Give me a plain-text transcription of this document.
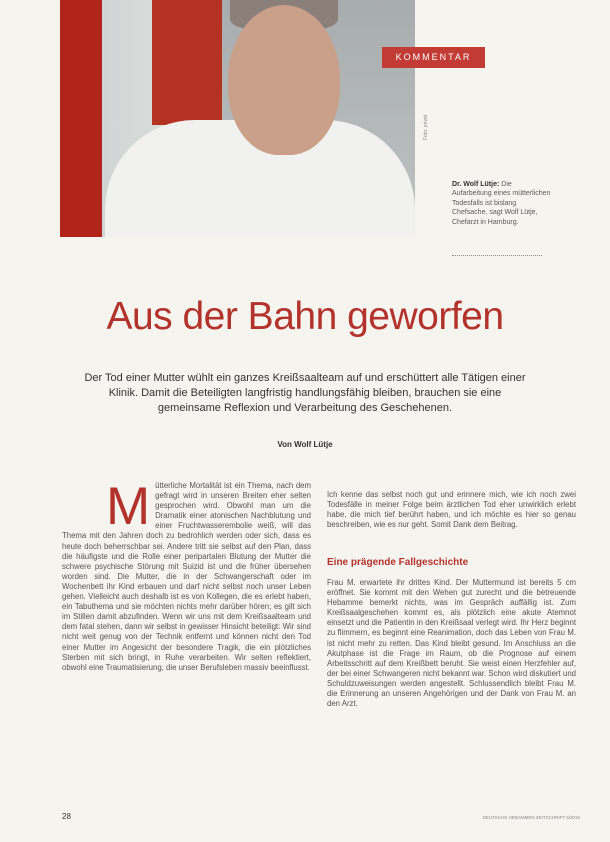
Foto: privat
KOMMENTAR
Dr. Wolf Lütje: Die Aufarbeitung eines mütterlichen Todesfalls ist bislang Chefsache, sagt Wolf Lütje, Chefarzt in Hamburg.
Aus der Bahn geworfen

Der Tod einer Mutter wühlt ein ganzes Kreißsaalteam auf und erschüttert alle Tätigen einer Klinik. Damit die Beteiligten langfristig handlungsfähig bleiben, brauchen sie eine gemeinsame Reflexion und Verarbeitung des Geschehenen.

Von Wolf Lütje

Mütterliche Mortalität ist ein Thema, nach dem gefragt wird in unseren Breiten eher selten gesprochen wird. Obwohl man um die Dramatik einer atonischen Nachblutung und einer Fruchtwasserembolie weiß, will das Thema mit den Jahren doch zu bedrohlich werden oder sich, dass es heute doch beherrschbar sei. Andere tritt sie selbst auf den Plan, dass die häufigste und die Rolle einer peripartalen Blutung der Mutter die schwere psychische Störung mit Suizid ist und die früher übersehen worden sind. Die Mutter, die in der Schwangerschaft oder im Wochenbett ihr Kind erbauen und darf nicht selbst noch unser Leben gehen. Vielleicht auch deshalb ist es von Kollegen, die es erlebt haben, ein Tabuthema und sie möchten nichts mehr darüber hören; es gilt sich im Stillen damit abzufinden. Wenn wir uns mit dem Kreißsaalteam und dem fatal stehen, dann wir selbst in gewisser Hinsicht beteiligt: Wir sind nicht weit genug von der Technik entfernt und können nicht den Tod einer Mutter im Angesicht der besondere Tragik, die ein plötzliches Sterben mit sich bringt, in Ruhe verarbeiten. Wir selten reflektiert, obwohl eine Traumatisierung, die unser Berufsleben massiv beeinflusst.

Ich kenne das selbst noch gut und erinnere mich, wie ich noch zwei Todesfälle in meiner Folge beim ärztlichen Tod eher unwirklich erlebt habe, die mich tief berührt haben, und ich möchte es hier so genau beschreiben, wie es nur geht. Somit Dank dem Beitrag.

Eine prägende Fallgeschichte

Frau M. erwartete ihr drittes Kind. Der Muttermund ist bereits 5 cm eröffnet. Sie kommt mit den Wehen gut zurecht und die betreuende Hebamme bemerkt nichts, was im Gespräch auffällig ist. Zum Kreißsaalgeschehen kommt es, als plötzlich eine akute Atemnot einsetzt und die Patientin in den Kreißsaal verlegt wird. Ihr Herz beginnt zu flimmern, es beginnt eine Reanimation, doch das Leben von Frau M. ist nicht mehr zu retten. Das Kind bleibt gesund. Im Anschluss an die Akutphase ist die Frage im Raum, ob die Prognose auf einem Arbeitsschritt auf dem Kreißbett beruht. Sie weist einen Herzfehler auf, der bei einer Schwangeren nicht bekannt war. Schon wird diskutiert und Schuldzuweisungen werden angestellt. Schlussendlich bleibt Frau M. die Erinnerung an unseren Angehörigen und der Dank von Frau M. an den Arzt.

28	DEUTSCHE HEBAMMEN ZEITSCHRIFT 6/2016
